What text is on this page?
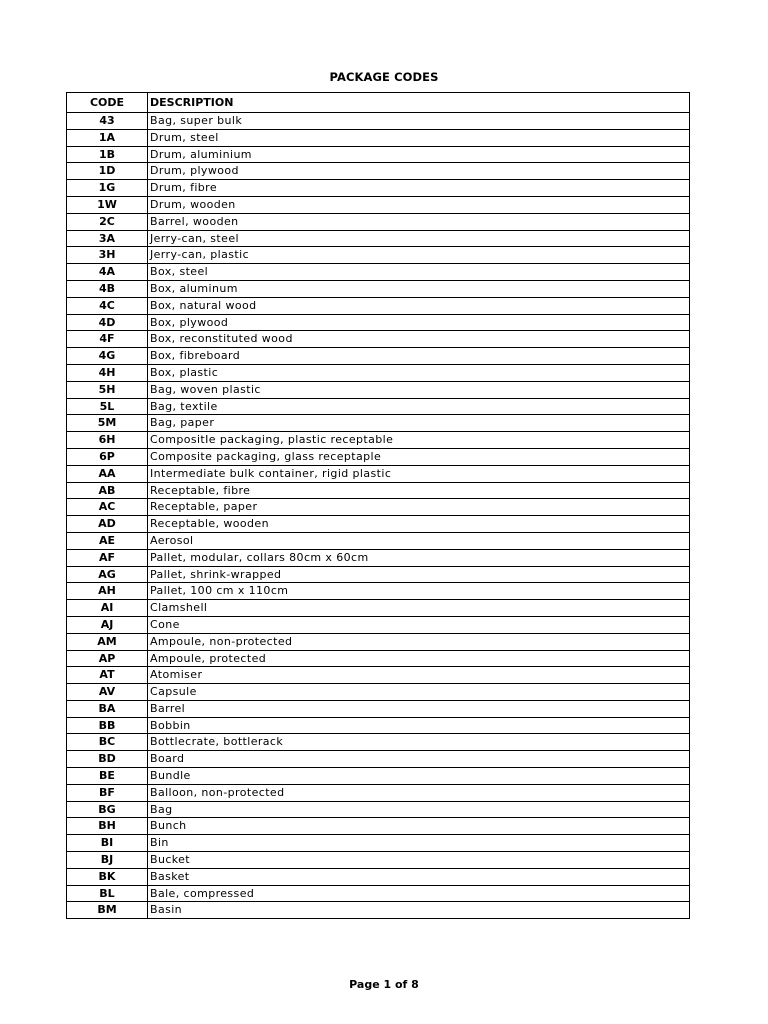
PACKAGE CODES
CODE	DESCRIPTION
43	Bag, super bulk
1A	Drum, steel
1B	Drum, aluminium
1D	Drum, plywood
1G	Drum, fibre
1W	Drum, wooden
2C	Barrel, wooden
3A	Jerry-can, steel
3H	Jerry-can, plastic
4A	Box, steel
4B	Box, aluminum
4C	Box, natural wood
4D	Box, plywood
4F	Box, reconstituted wood
4G	Box, fibreboard
4H	Box, plastic
5H	Bag, woven plastic
5L	Bag, textile
5M	Bag, paper
6H	CompositIe packaging, plastic receptable
6P	Composite packaging, glass receptaple
AA	Intermediate bulk container, rigid plastic
AB	Receptable, fibre
AC	Receptable, paper
AD	Receptable, wooden
AE	Aerosol
AF	Pallet, modular, collars 80cm x 60cm
AG	Pallet, shrink-wrapped
AH	Pallet, 100 cm x 110cm
AI	Clamshell
AJ	Cone
AM	Ampoule, non-protected
AP	Ampoule, protected
AT	Atomiser
AV	Capsule
BA	Barrel
BB	Bobbin
BC	Bottlecrate, bottlerack
BD	Board
BE	Bundle
BF	Balloon, non-protected
BG	Bag
BH	Bunch
BI	Bin
BJ	Bucket
BK	Basket
BL	Bale, compressed
BM	Basin
Page 1 of 8
